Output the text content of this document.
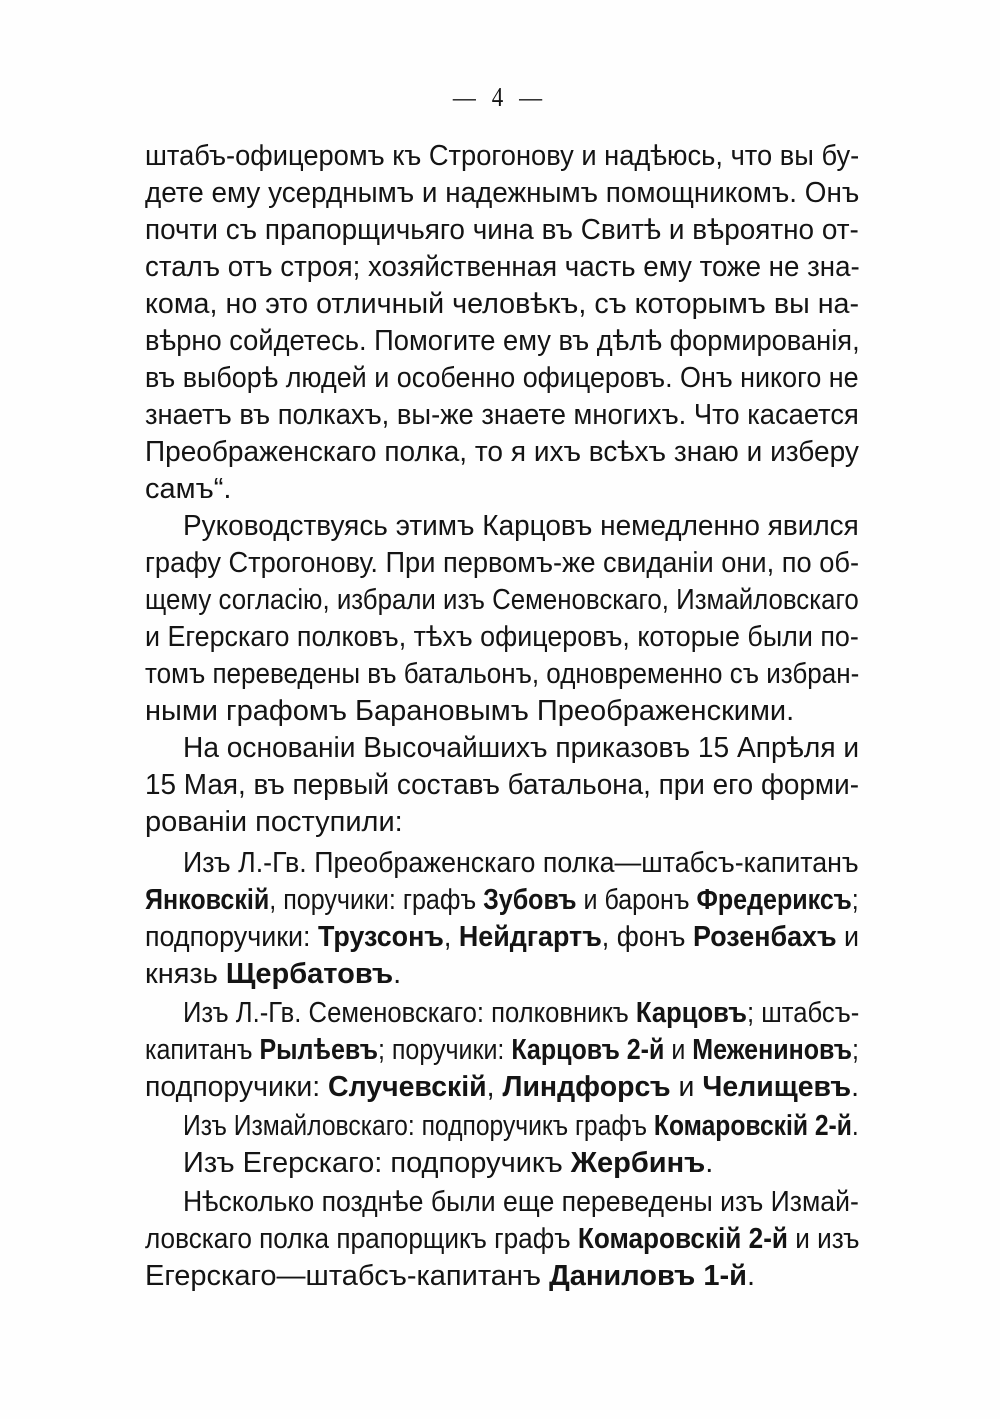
— 4 —
штабъ-офицеромъ къ Строгонову и надѣюсь, что вы бу-
дете ему усерднымъ и надежнымъ помощникомъ. Онъ
почти съ прапорщичьяго чина въ Свитѣ и вѣроятно от-
сталъ отъ строя; хозяйственная часть ему тоже не зна-
кома, но это отличный человѣкъ, съ которымъ вы на-
вѣрно сойдетесь. Помогите ему въ дѣлѣ формированія,
въ выборѣ людей и особенно офицеровъ. Онъ никого не
знаетъ въ полкахъ, вы-же знаете многихъ. Что касается
Преображенскаго полка, то я ихъ всѣхъ знаю и изберу
самъ“.
Руководствуясь этимъ Карцовъ немедленно явился
графу Строгонову. При первомъ-же свиданіи они, по об-
щему согласію, избрали изъ Семеновскаго, Измайловскаго
и Егерскаго полковъ, тѣхъ офицеровъ, которые были по-
томъ переведены въ батальонъ, одновременно съ избран-
ными графомъ Барановымъ Преображенскими.
На основаніи Высочайшихъ приказовъ 15 Апрѣля и
15 Мая, въ первый составъ батальона, при его форми-
рованіи поступили:
Изъ Л.-Гв. Преображенскаго полка—штабсъ-капитанъ
Янковскій, поручики: графъ Зубовъ и баронъ Фредериксъ;
подпоручики: Трузсонъ, Нейдгартъ, фонъ Розенбахъ и
князь Щербатовъ.
Изъ Л.-Гв. Семеновскаго: полковникъ Карцовъ; штабсъ-
капитанъ Рылѣевъ; поручики: Карцовъ 2-й и Межениновъ;
подпоручики: Случевскій, Линдфорсъ и Челищевъ.
Изъ Измайловскаго: подпоручикъ графъ Комаровскій 2-й.
Изъ Егерскаго: подпоручикъ Жербинъ.
Нѣсколько позднѣе были еще переведены изъ Измай-
ловскаго полка прапорщикъ графъ Комаровскій 2-й и изъ
Егерскаго—штабсъ-капитанъ Даниловъ 1-й.
